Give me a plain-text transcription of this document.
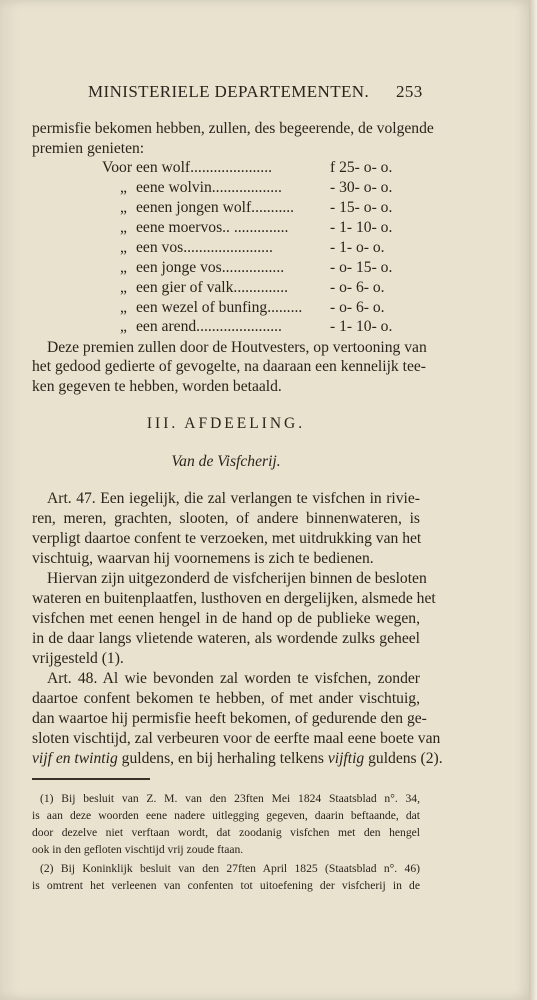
MINISTERIELE DEPARTEMENTEN. 253
permisfie bekomen hebben, zullen, des begeerende, de volgende
premien genieten:
Voor een wolf.....................	f 25- o- o.
„ eene wolvin..................	- 30- o- o.
„ eenen jongen wolf........... - 15- o- o.
„ eene moervos.. ..............	- 1- 10- o.
„ een vos.......................	- 1- o- o.
„ een jonge vos................	- o- 15- o.
„ een gier of valk..............	- o- 6- o.
„ een wezel of bunfing......... - o- 6- o.
„ een arend......................	- 1- 10- o.
Deze premien zullen door de Houtvesters, op vertooning van
het gedood gedierte of gevogelte, na daaraan een kennelijk tee-
ken gegeven te hebben, worden betaald.
III. AFDEELING.
Van de Visfcherij.
Art. 47. Een iegelijk, die zal verlangen te visfchen in rivie-
ren, meren, grachten, slooten, of andere binnenwateren, is
verpligt daartoe confent te verzoeken, met uitdrukking van het
vischtuig, waarvan hij voornemens is zich te bedienen.
Hiervan zijn uitgezonderd de visfcherijen binnen de besloten
wateren en buitenplaatfen, lusthoven en dergelijken, alsmede het
visfchen met eenen hengel in de hand op de publieke wegen,
in de daar langs vlietende wateren, als wordende zulks geheel
vrijgesteld (1).
Art. 48. Al wie bevonden zal worden te visfchen, zonder
daartoe confent bekomen te hebben, of met ander vischtuig,
dan waartoe hij permisfie heeft bekomen, of gedurende den ge-
sloten vischtijd, zal verbeuren voor de eerfte maal eene boete van
vijf en twintig guldens, en bij herhaling telkens vijftig guldens (2).
(1) Bij besluit van Z. M. van den 23ften Mei 1824 Staatsblad n°. 34,
is aan deze woorden eene nadere uitlegging gegeven, daarin beftaande, dat
door dezelve niet verftaan wordt, dat zoodanig visfchen met den hengel
ook in den gefloten vischtijd vrij zoude ftaan.
(2) Bij Koninklijk besluit van den 27ften April 1825 (Staatsblad n°. 46)
is omtrent het verleenen van confenten tot uitoefening der visfcherij in de
